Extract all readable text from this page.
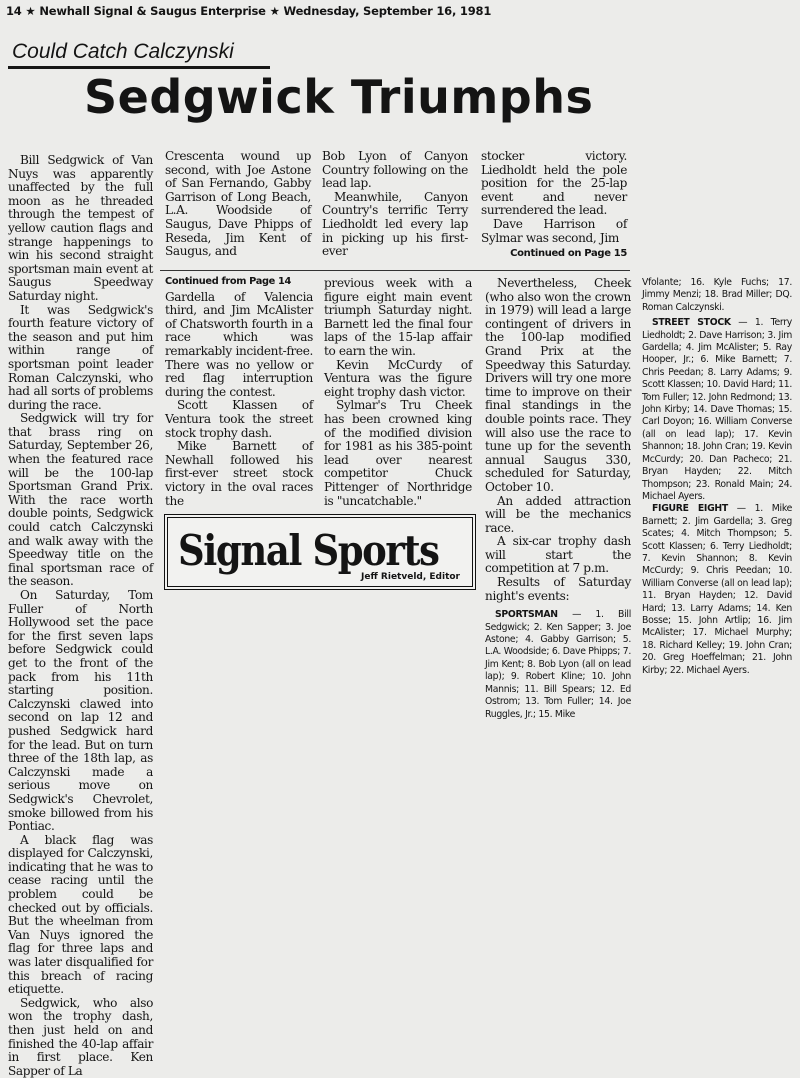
14 ★ Newhall Signal & Saugus Enterprise ★ Wednesday, September 16, 1981
Could Catch Calczynski
Sedgwick Triumphs

Bill Sedgwick of Van Nuys was apparently unaffected by the full moon as he threaded through the tempest of yellow caution flags and strange happenings to win his second straight sportsman main event at Saugus Speedway Saturday night.

It was Sedgwick's fourth feature victory of the season and put him within range of sportsman point leader Roman Calczynski, who had all sorts of problems during the race.

Sedgwick will try for that brass ring on Saturday, September 26, when the featured race will be the 100-lap Sportsman Grand Prix. With the race worth double points, Sedgwick could catch Calczynski and walk away with the Speedway title on the final sportsman race of the season.

On Saturday, Tom Fuller of North Hollywood set the pace for the first seven laps before Sedgwick could get to the front of the pack from his 11th starting position. Calczynski clawed into second on lap 12 and pushed Sedgwick hard for the lead. But on turn three of the 18th lap, as Calczynski made a serious move on Sedgwick's Chevrolet, smoke billowed from his Pontiac.

A black flag was displayed for Calczynski, indicating that he was to cease racing until the problem could be checked out by officials. But the wheelman from Van Nuys ignored the flag for three laps and was later disqualified for this breach of racing etiquette.

Sedgwick, who also won the trophy dash, then just held on and finished the 40-lap affair in first place. Ken Sapper of La

Crescenta wound up second, with Joe Astone of San Fernando, Gabby Garrison of Long Beach, L.A. Woodside of Saugus, Dave Phipps of Reseda, Jim Kent of Saugus, and

Bob Lyon of Canyon Country following on the lead lap.

Meanwhile, Canyon Country's terrific Terry Liedholdt led every lap in picking up his first-ever

stocker victory. Liedholdt held the pole position for the 25-lap event and never surrendered the lead.

Dave Harrison of Sylmar was second, Jim

Continued on Page 15
Continued from Page 14

Gardella of Valencia third, and Jim McAlister of Chatsworth fourth in a race which was remarkably incident-free. There was no yellow or red flag interruption during the contest.

Scott Klassen of Ventura took the street stock trophy dash.

Mike Barnett of Newhall followed his first-ever street stock victory in the oval races the

previous week with a figure eight main event triumph Saturday night. Barnett led the final four laps of the 15-lap affair to earn the win.

Kevin McCurdy of Ventura was the figure eight trophy dash victor.

Sylmar's Tru Cheek has been crowned king of the modified division for 1981 as his 385-point lead over nearest competitor Chuck Pittenger of Northridge is "uncatchable."

Signal Sports
Jeff Rietveld, Editor

Nevertheless, Cheek (who also won the crown in 1979) will lead a large contingent of drivers in the 100-lap modified Grand Prix at the Speedway this Saturday. Drivers will try one more time to improve on their final standings in the double points race. They will also use the race to tune up for the seventh annual Saugus 330, scheduled for Saturday, October 10.

An added attraction will be the mechanics race.

A six-car trophy dash will start the competition at 7 p.m.

Results of Saturday night's events:

SPORTSMAN — 1. Bill Sedgwick; 2. Ken Sapper; 3. Joe Astone; 4. Gabby Garrison; 5. L.A. Woodside; 6. Dave Phipps; 7. Jim Kent; 8. Bob Lyon (all on lead lap); 9. Robert Kline; 10. John Mannis; 11. Bill Spears; 12. Ed Ostrom; 13. Tom Fuller; 14. Joe Ruggles, Jr.; 15. Mike

Vfolante; 16. Kyle Fuchs; 17. Jimmy Menzi; 18. Brad Miller; DQ. Roman Calczynski.

STREET STOCK — 1. Terry Liedholdt; 2. Dave Harrison; 3. Jim Gardella; 4. Jim McAlister; 5. Ray Hooper, Jr.; 6. Mike Barnett; 7. Chris Peedan; 8. Larry Adams; 9. Scott Klassen; 10. David Hard; 11. Tom Fuller; 12. John Redmond; 13. John Kirby; 14. Dave Thomas; 15. Carl Doyon; 16. William Converse (all on lead lap); 17. Kevin Shannon; 18. John Cran; 19. Kevin McCurdy; 20. Dan Pacheco; 21. Bryan Hayden; 22. Mitch Thompson; 23. Ronald Main; 24. Michael Ayers.

FIGURE EIGHT — 1. Mike Barnett; 2. Jim Gardella; 3. Greg Scates; 4. Mitch Thompson; 5. Scott Klassen; 6. Terry Liedholdt; 7. Kevin Shannon; 8. Kevin McCurdy; 9. Chris Peedan; 10. William Converse (all on lead lap); 11. Bryan Hayden; 12. David Hard; 13. Larry Adams; 14. Ken Bosse; 15. John Artlip; 16. Jim McAlister; 17. Michael Murphy; 18. Richard Kelley; 19. John Cran; 20. Greg Hoeffelman; 21. John Kirby; 22. Michael Ayers.
